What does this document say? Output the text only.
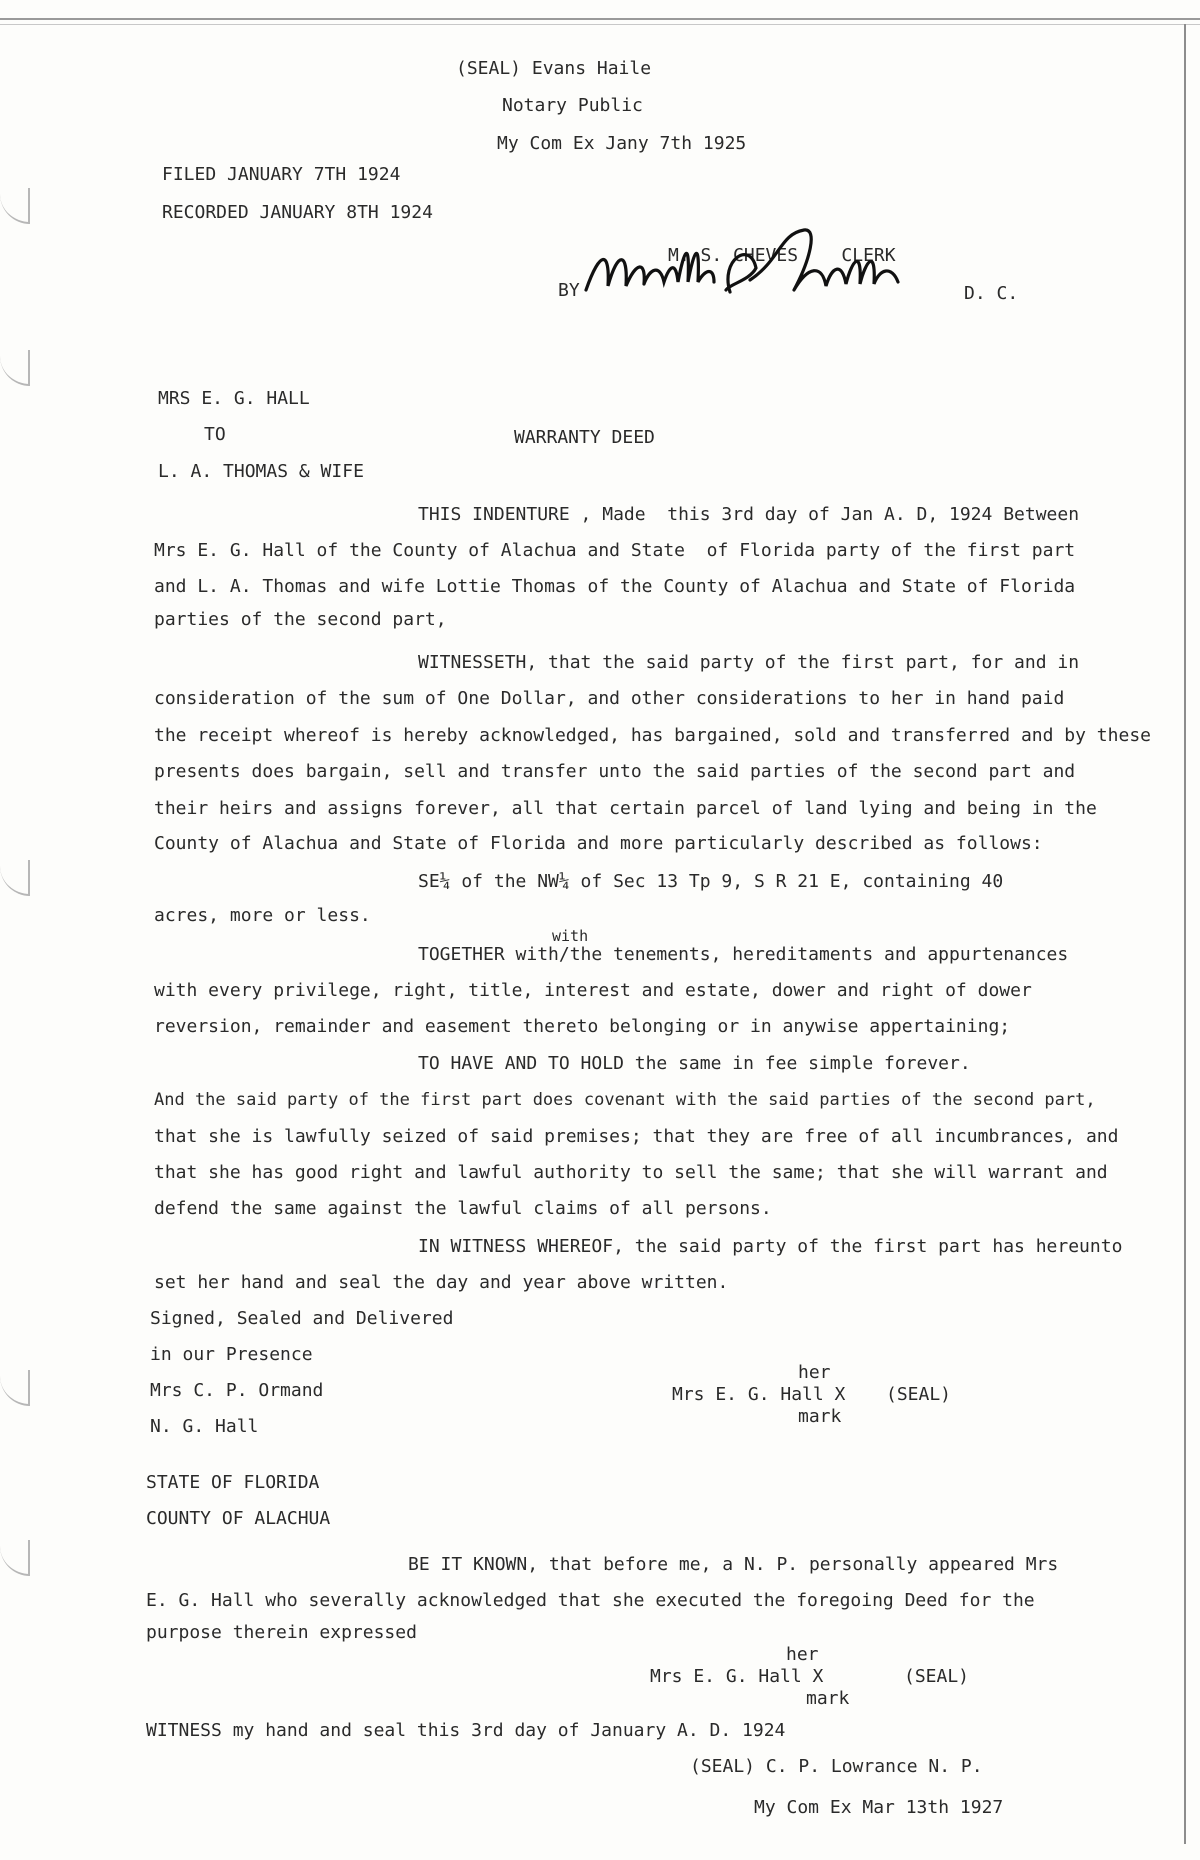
(SEAL) Evans Haile
Notary Public
My Com Ex Jany 7th 1925
FILED JANUARY 7TH 1924
RECORDED JANUARY 8TH 1924
M. S. CHEVES    CLERK
BY	D. C.
MRS E. G. HALL
TO	WARRANTY DEED
L. A. THOMAS & WIFE
THIS INDENTURE , Made  this 3rd day of Jan A. D, 1924 Between
Mrs E. G. Hall of the County of Alachua and State  of Florida party of the first part
and L. A. Thomas and wife Lottie Thomas of the County of Alachua and State of Florida
parties of the second part,
WITNESSETH, that the said party of the first part, for and in
consideration of the sum of One Dollar, and other considerations to her in hand paid
the receipt whereof is hereby acknowledged, has bargained, sold and transferred and by these
presents does bargain, sell and transfer unto the said parties of the second part and
their heirs and assigns forever, all that certain parcel of land lying and being in the
County of Alachua and State of Florida and more particularly described as follows:
SE¼ of the NW¼ of Sec 13 Tp 9, S R 21 E, containing 40
acres, more or less.
with
TOGETHER with/the tenements, hereditaments and appurtenances
with every privilege, right, title, interest and estate, dower and right of dower
reversion, remainder and easement thereto belonging or in anywise appertaining;
TO HAVE AND TO HOLD the same in fee simple forever.
And the said party of the first part does covenant with the said parties of the second part,
that she is lawfully seized of said premises; that they are free of all incumbrances, and
that she has good right and lawful authority to sell the same; that she will warrant and
defend the same against the lawful claims of all persons.
IN WITNESS WHEREOF, the said party of the first part has hereunto
set her hand and seal the day and year above written.
Signed, Sealed and Delivered
in our Presence
Mrs C. P. Ormand
N. G. Hall
her
Mrs E. G. Hall X
mark
(SEAL)
STATE OF FLORIDA
COUNTY OF ALACHUA
BE IT KNOWN, that before me, a N. P. personally appeared Mrs
E. G. Hall who severally acknowledged that she executed the foregoing Deed for the
purpose therein expressed
her
Mrs E. G. Hall X
mark
(SEAL)
WITNESS my hand and seal this 3rd day of January A. D. 1924
(SEAL) C. P. Lowrance N. P.
My Com Ex Mar 13th 1927
